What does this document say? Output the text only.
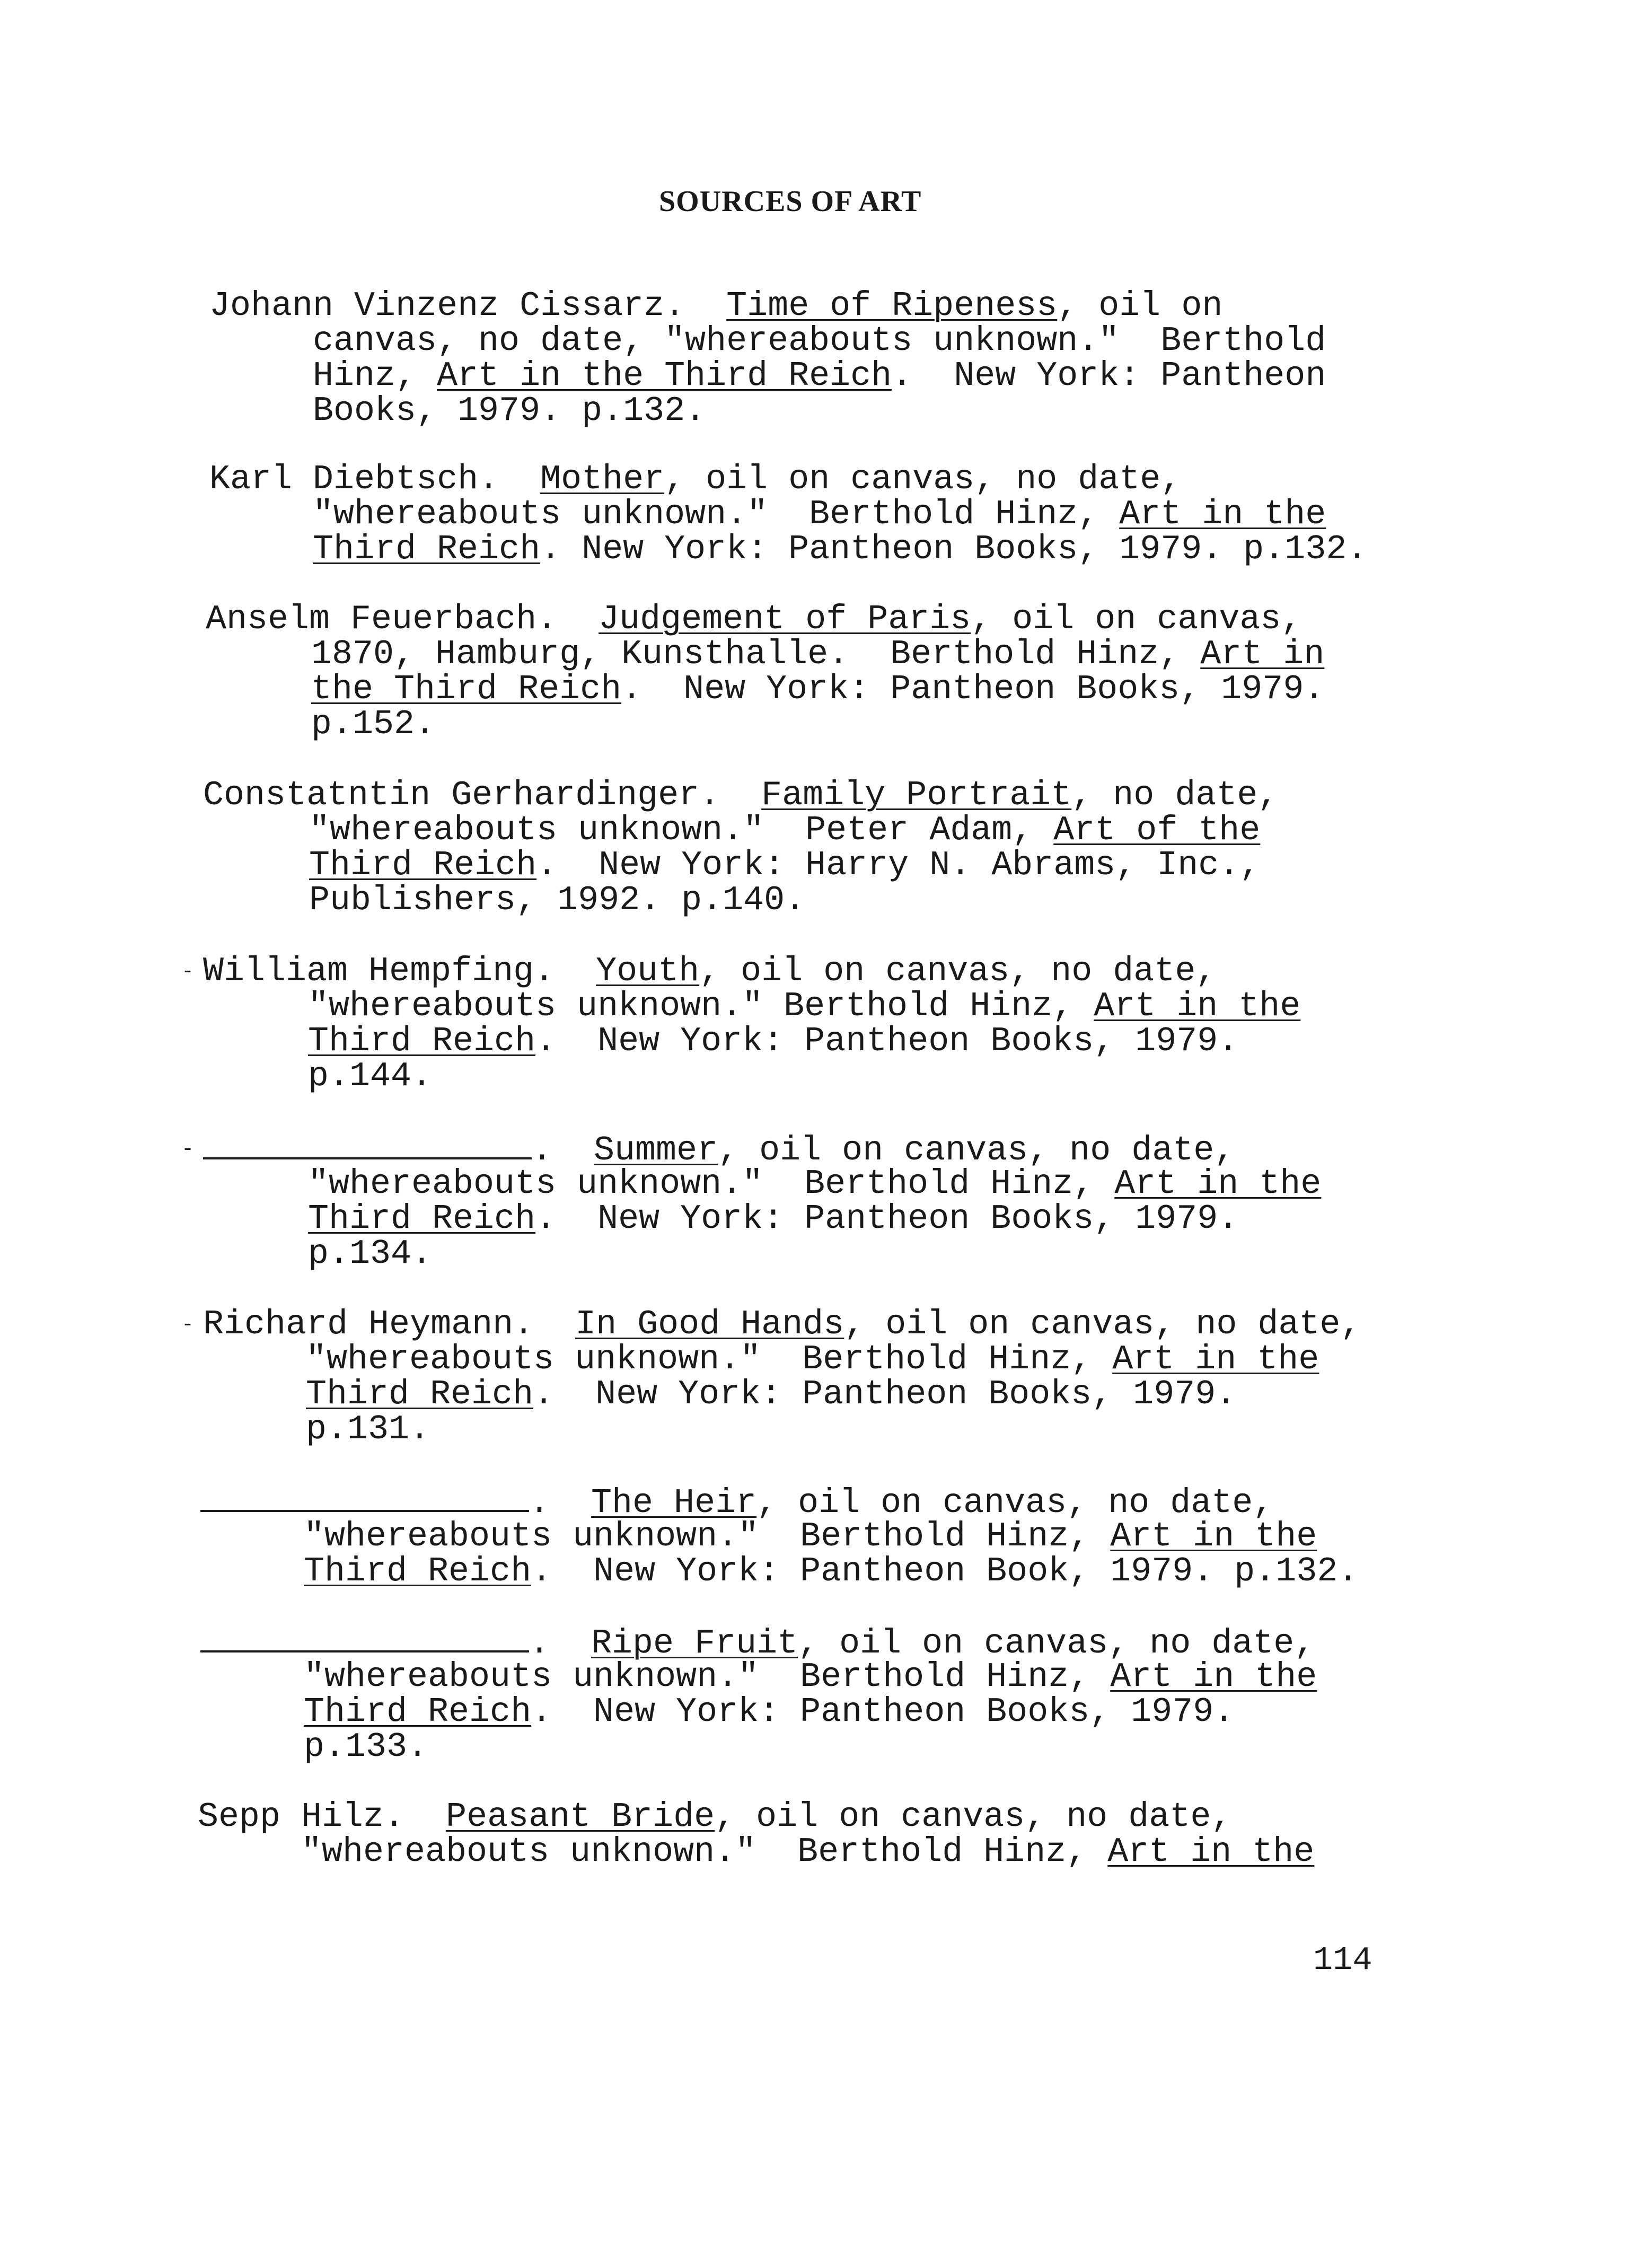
SOURCES OF ART
Johann Vinzenz Cissarz.  Time of Ripeness, oil on
canvas, no date, "whereabouts unknown."  Berthold
Hinz, Art in the Third Reich.  New York: Pantheon
Books, 1979. p.132.
Karl Diebtsch.  Mother, oil on canvas, no date,
"whereabouts unknown."  Berthold Hinz, Art in the
Third Reich. New York: Pantheon Books, 1979. p.132.
Anselm Feuerbach.  Judgement of Paris, oil on canvas,
1870, Hamburg, Kunsthalle.  Berthold Hinz, Art in
the Third Reich.  New York: Pantheon Books, 1979.
p.152.
Constatntin Gerhardinger.  Family Portrait, no date,
"whereabouts unknown."  Peter Adam, Art of the
Third Reich.  New York: Harry N. Abrams, Inc.,
Publishers, 1992. p.140.
- William Hempfing.  Youth, oil on canvas, no date,
"whereabouts unknown." Berthold Hinz, Art in the
Third Reich.  New York: Pantheon Books, 1979.
p.144.
-	.  Summer, oil on canvas, no date,
"whereabouts unknown."  Berthold Hinz, Art in the
Third Reich.  New York: Pantheon Books, 1979.
p.134.
- Richard Heymann.  In Good Hands, oil on canvas, no date,
"whereabouts unknown."  Berthold Hinz, Art in the
Third Reich.  New York: Pantheon Books, 1979.
p.131.
.  The Heir, oil on canvas, no date,
"whereabouts unknown."  Berthold Hinz, Art in the
Third Reich.  New York: Pantheon Book, 1979. p.132.
.  Ripe Fruit, oil on canvas, no date,
"whereabouts unknown."  Berthold Hinz, Art in the
Third Reich.  New York: Pantheon Books, 1979.
p.133.
Sepp Hilz.  Peasant Bride, oil on canvas, no date,
"whereabouts unknown."  Berthold Hinz, Art in the
114
